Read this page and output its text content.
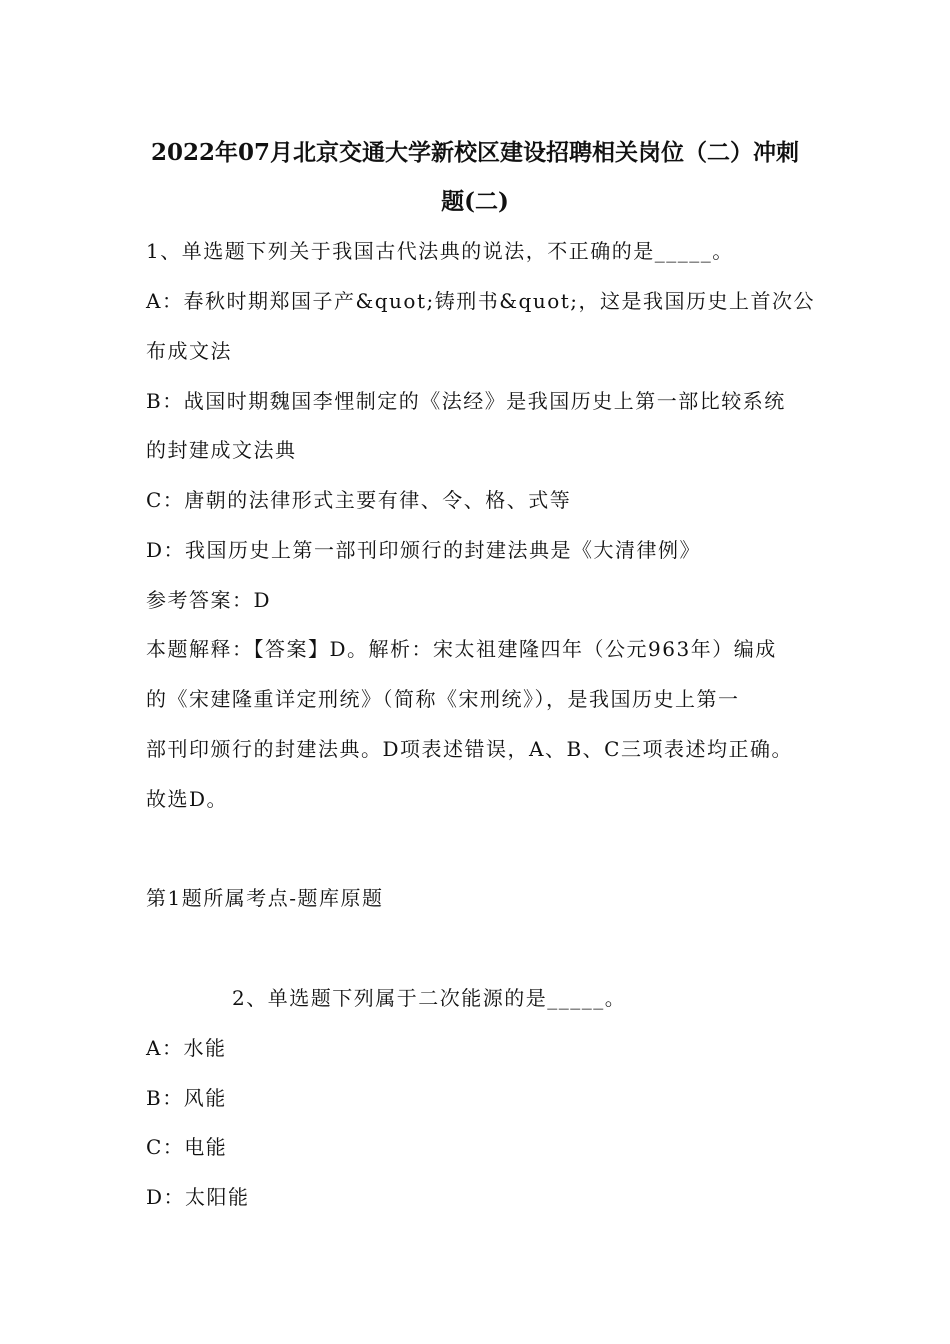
2022年07月北京交通大学新校区建设招聘相关岗位（二）冲刺
题(二)
1、单选题下列关于我国古代法典的说法，不正确的是_____。
A：春秋时期郑国子产&quot;铸刑书&quot;，这是我国历史上首次公
布成文法
B：战国时期魏国李悝制定的《法经》是我国历史上第一部比较系统
的封建成文法典
C：唐朝的法律形式主要有律、令、格、式等
D：我国历史上第一部刊印颁行的封建法典是《大清律例》
参考答案：D
本题解释：【答案】D。解析：宋太祖建隆四年（公元963年）编成
的《宋建隆重详定刑统》（简称《宋刑统》），是我国历史上第一
部刊印颁行的封建法典。D项表述错误，A、B、C三项表述均正确。
故选D。
第1题所属考点-题库原题
2、单选题下列属于二次能源的是_____。
A：水能
B：风能
C：电能
D：太阳能
